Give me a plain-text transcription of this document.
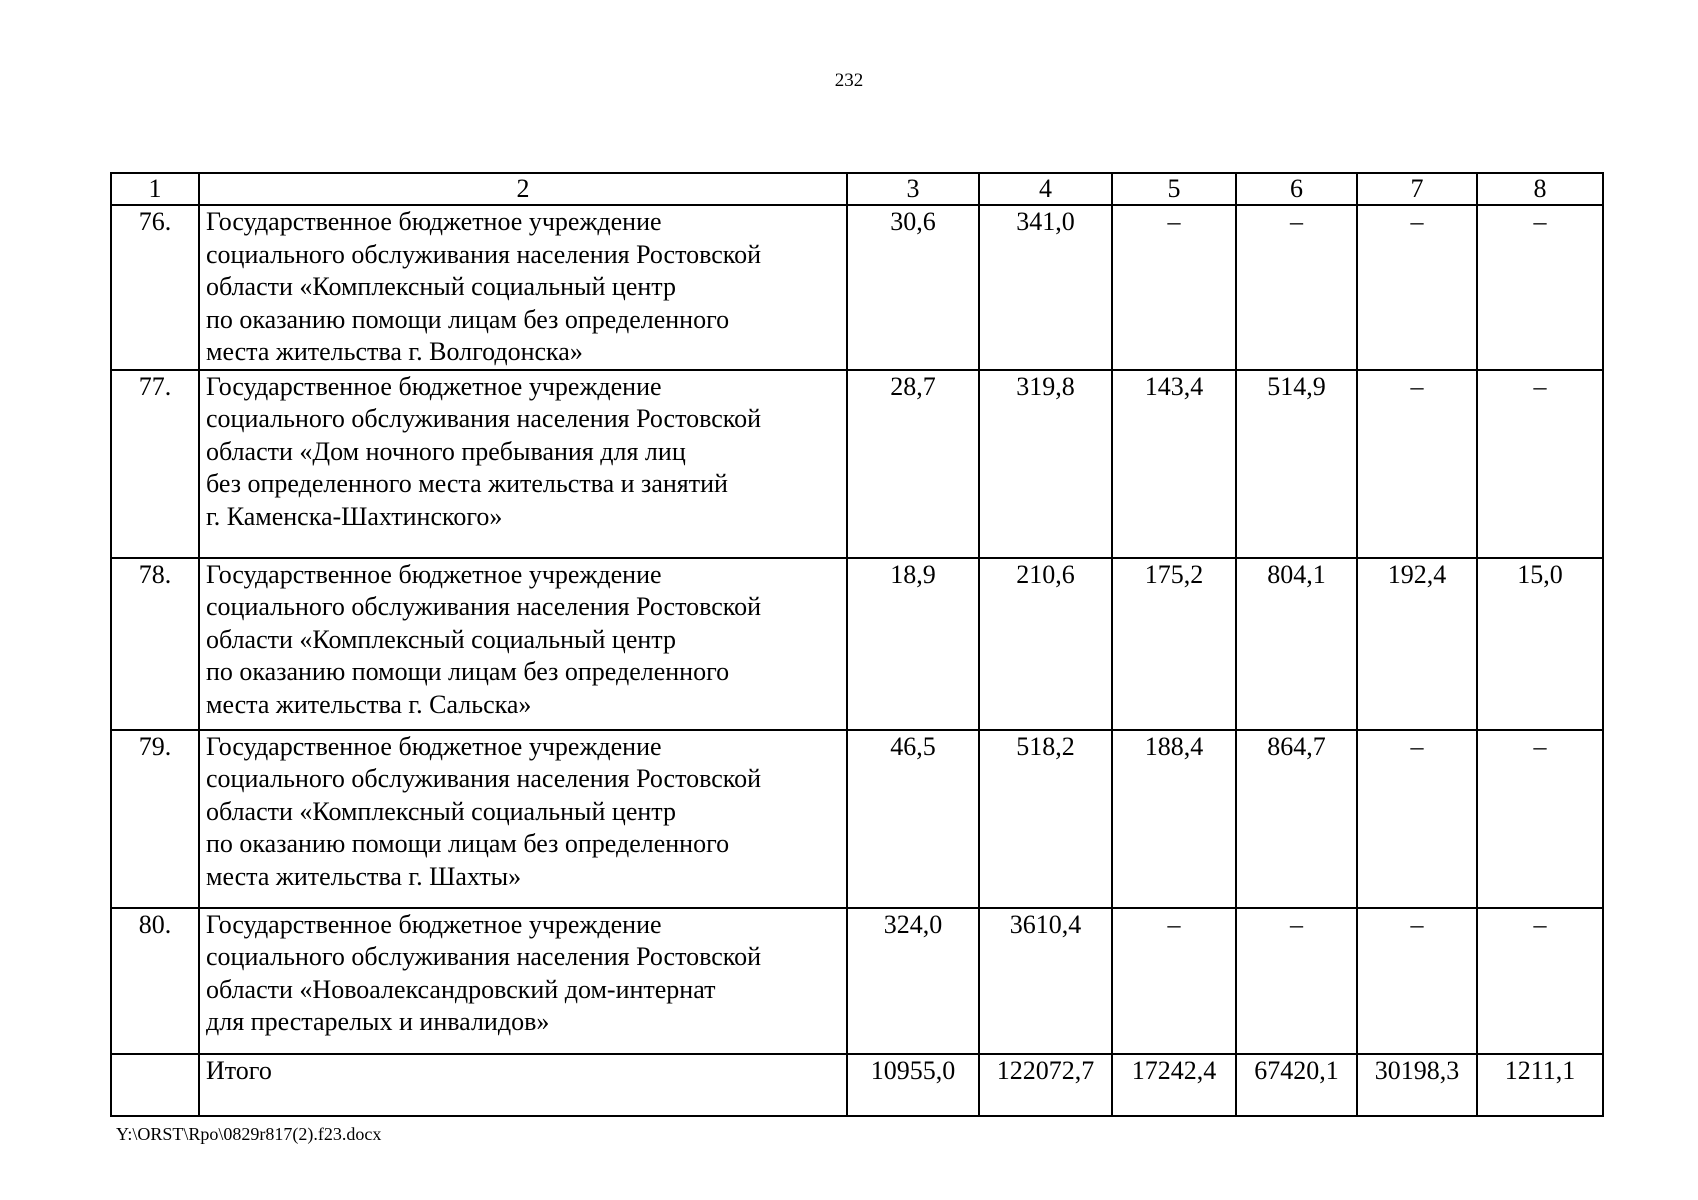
232
1	2	3	4	5	6	7	8
76.	Государственное бюджетное учреждение
социального обслуживания населения Ростовской
области «Комплексный социальный центр
по оказанию помощи лицам без определенного
места жительства г. Волгодонска»	30,6	341,0	–	–	–	–
77.	Государственное бюджетное учреждение
социального обслуживания населения Ростовской
области «Дом ночного пребывания для лиц
без определенного места жительства и занятий
г. Каменска-Шахтинского»	28,7	319,8	143,4	514,9	–	–
78.	Государственное бюджетное учреждение
социального обслуживания населения Ростовской
области «Комплексный социальный центр
по оказанию помощи лицам без определенного
места жительства г. Сальска»	18,9	210,6	175,2	804,1	192,4	15,0
79.	Государственное бюджетное учреждение
социального обслуживания населения Ростовской
области «Комплексный социальный центр
по оказанию помощи лицам без определенного
места жительства г. Шахты»	46,5	518,2	188,4	864,7	–	–
80.	Государственное бюджетное учреждение
социального обслуживания населения Ростовской
области «Новоалександровский дом-интернат
для престарелых и инвалидов»	324,0	3610,4	–	–	–	–
	Итого	10955,0	122072,7	17242,4	67420,1	30198,3	1211,1
Y:\ORST\Rpo\0829r817(2).f23.docx
